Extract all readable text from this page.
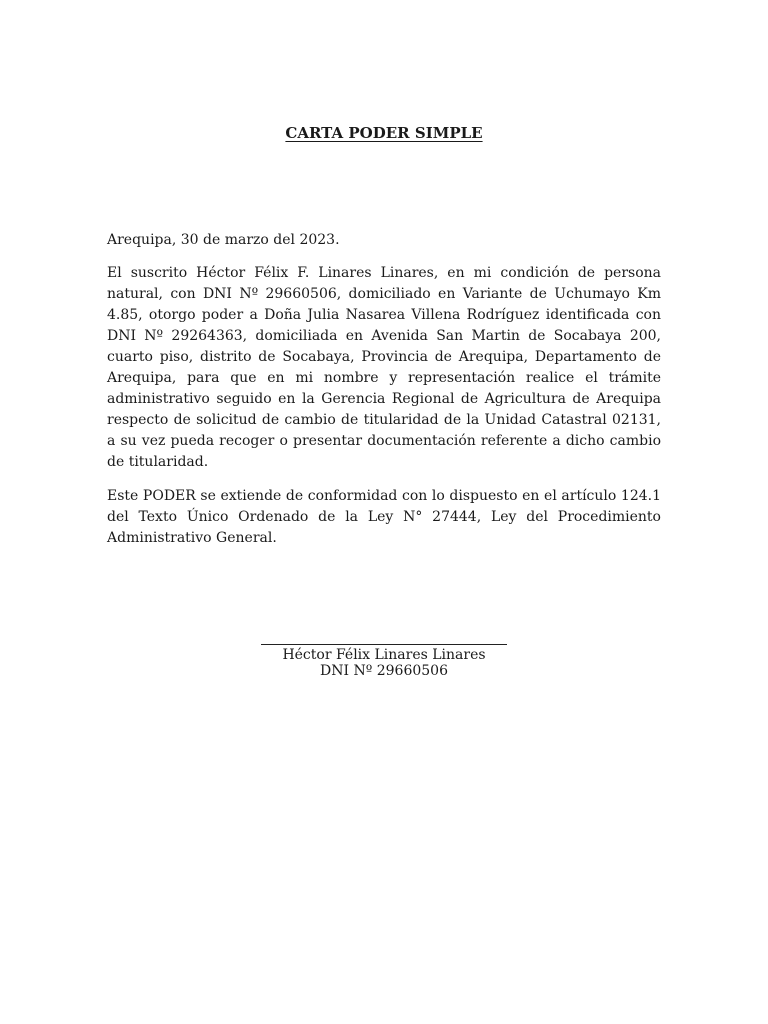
CARTA PODER SIMPLE
Arequipa, 30 de marzo del 2023.
El suscrito Héctor Félix F. Linares Linares, en mi condición de persona natural, con DNI Nº 29660506, domiciliado en Variante de Uchumayo Km 4.85, otorgo poder a Doña Julia Nasarea Villena Rodríguez identificada con DNI Nº 29264363, domiciliada en Avenida San Martin de Socabaya 200, cuarto piso, distrito de Socabaya, Provincia de Arequipa, Departamento de Arequipa, para que en mi nombre y representación realice el trámite administrativo seguido en la Gerencia Regional de Agricultura de Arequipa respecto de solicitud de cambio de titularidad de la Unidad Catastral 02131, a su vez pueda recoger o presentar documentación referente a dicho cambio de titularidad.
Este PODER se extiende de conformidad con lo dispuesto en el artículo 124.1 del Texto Único Ordenado de la Ley N° 27444, Ley del Procedimiento Administrativo General.
Héctor Félix Linares Linares
DNI Nº 29660506
